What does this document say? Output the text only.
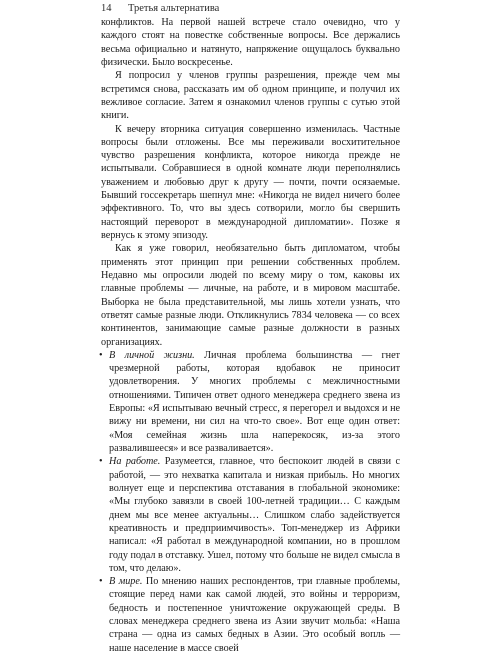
14 Третья альтернатива

конфликтов. На первой нашей встрече стало очевидно, что у каждого стоят на повестке собственные вопросы. Все держались весьма официально и натянуто, напряжение ощущалось буквально физически. Было воскресенье.

Я попросил у членов группы разрешения, прежде чем мы встретимся снова, рассказать им об одном принципе, и получил их вежливое согласие. Затем я ознакомил членов группы с сутью этой книги.

К вечеру вторника ситуация совершенно изменилась. Частные вопросы были отложены. Все мы переживали восхитительное чувство разрешения конфликта, которое никогда прежде не испытывали. Собравшиеся в одной комнате люди переполнялись уважением и любовью друг к другу — почти, почти осязаемые. Бывший госсекретарь шепнул мне: «Никогда не видел ничего более эффективного. То, что вы здесь сотворили, могло бы свершить настоящий переворот в международной дипломатии». Позже я вернусь к этому эпизоду.

Как я уже говорил, необязательно быть дипломатом, чтобы применять этот принцип при решении собственных проблем. Недавно мы опросили людей по всему миру о том, каковы их главные проблемы — личные, на работе, и в мировом масштабе. Выборка не была представительной, мы лишь хотели узнать, что ответят самые разные люди. Откликнулись 7834 человека — со всех континентов, занимающие самые разные должности в разных организациях.

• В личной жизни. Личная проблема большинства — гнет чрезмерной работы, которая вдобавок не приносит удовлетворения. У многих проблемы с межличностными отношениями. Типичен ответ одного менеджера среднего звена из Европы: «Я испытываю вечный стресс, я перегорел и выдохся и не вижу ни времени, ни сил на что-то свое». Вот еще один ответ: «Моя семейная жизнь шла наперекосяк, из-за этого развалившееся» и все разваливается».
• На работе. Разумеется, главное, что беспокоит людей в связи с работой, — это нехватка капитала и низкая прибыль. Но многих волнует еще и перспектива отставания в глобальной экономике: «Мы глубоко завязли в своей 100-летней традиции… С каждым днем мы все менее актуальны… Слишком слабо задействуется креативность и предприимчивость». Топ-менеджер из Африки написал: «Я работал в международной компании, но в прошлом году подал в отставку. Ушел, потому что больше не видел смысла в том, что делаю».
• В мире. По мнению наших респондентов, три главные проблемы, стоящие перед нами как самой людей, это войны и терроризм, бедность и постепенное уничтожение окружающей среды. В словах менеджера среднего звена из Азии звучит мольба: «Наша страна — одна из самых бедных в Азии. Это особый вопль — наше население в массе своей
